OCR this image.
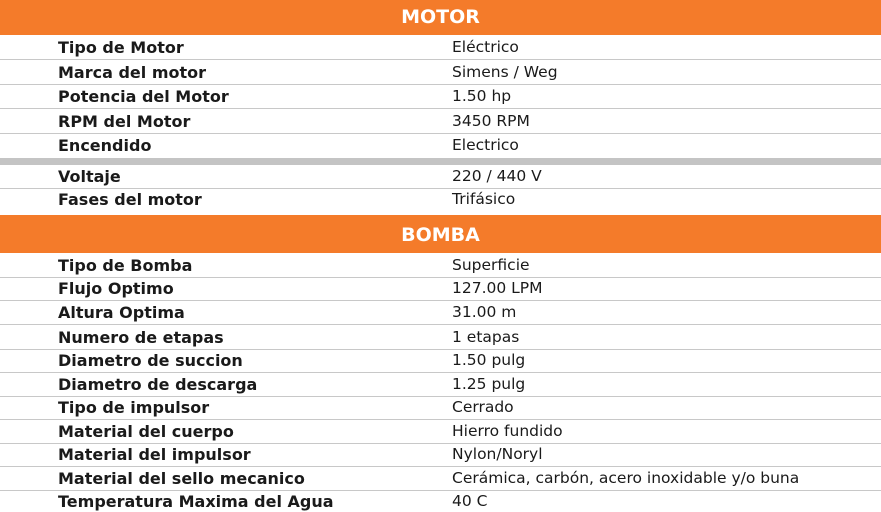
MOTOR
Tipo de Motor	Eléctrico
Marca del motor	Simens / Weg
Potencia del Motor	1.50 hp
RPM del Motor	3450 RPM
Encendido	Electrico
Voltaje	220 / 440 V
Fases del motor	Trifásico
BOMBA
Tipo de Bomba	Superficie
Flujo Optimo	127.00 LPM
Altura Optima	31.00 m
Numero de etapas	1 etapas
Diametro de succion	1.50 pulg
Diametro de descarga	1.25 pulg
Tipo de impulsor	Cerrado
Material del cuerpo	Hierro fundido
Material del impulsor	Nylon/Noryl
Material del sello mecanico	Cerámica, carbón, acero inoxidable y/o buna
Temperatura Maxima del Agua	40 C
